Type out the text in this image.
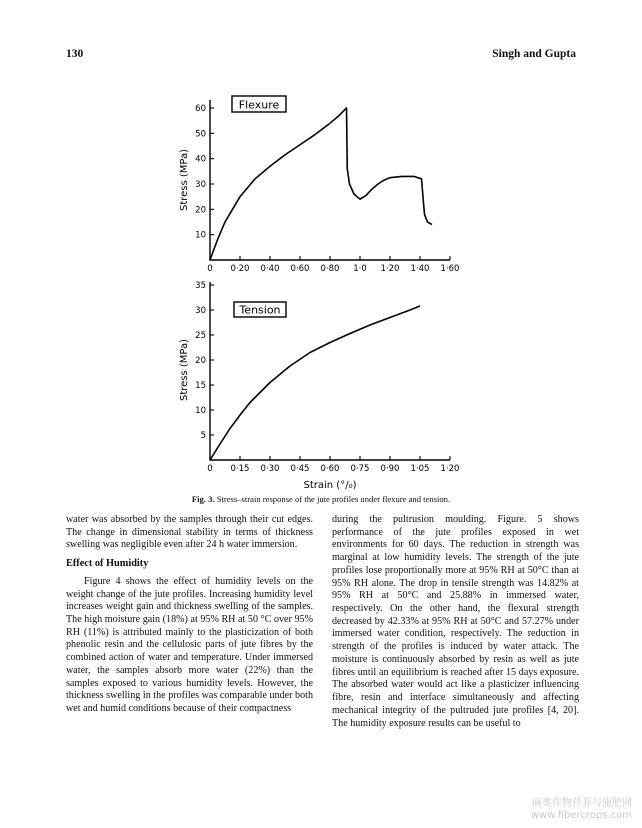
130	Singh and Gupta
Flexure
0 0·20 0·40 0·60 0·80 1·0 1·20 1·40 1·60
10
20
30
40
50
60
Stress (MPa)
Tension
0 0·15 0·30 0·45 0·60 0·75 0·90 1·05 1·20
5
10
15
20
25
30
35
Stress (MPa)
Strain (°/₀)
Fig. 3. Stress–strain response of the jute profiles under flexure and tension.

water was absorbed by the samples through their cut edges. The change in dimensional stability in terms of thickness swelling was negligible even after 24 h water immersion.

Effect of Humidity

Figure 4 shows the effect of humidity levels on the weight change of the jute profiles. Increasing humidity level increases weight gain and thickness swelling of the samples. The high moisture gain (18%) at 95% RH at 50 °C over 95% RH (11%) is attributed mainly to the plasticization of both phenolic resin and the cellulosic parts of jute fibres by the combined action of water and temperature. Under immersed water, the samples absorb more water (22%) than the samples exposed to various humidity levels. However, the thickness swelling in the profiles was comparable under both wet and humid conditions because of their compactness

during the pultrusion moulding. Figure. 5 shows performance of the jute profiles exposed in wet environments for 60 days. The reduction in strength was marginal at low humidity levels. The strength of the jute profiles lose proportionally more at 95% RH at 50°C than at 95% RH alone. The drop in tensile strength was 14.82% at 95% RH at 50°C and 25.88% in immersed water, respectively. On the other hand, the flexural strength decreased by 42.33% at 95% RH at 50°C and 57.27% under immersed water condition, respectively. The reduction in strength of the profiles is induced by water attack. The moisture is continuously absorbed by resin as well as jute fibres until an equilibrium is reached after 15 days exposure. The absorbed water would act like a plasticizer influencing fibre, resin and interface simultaneously and affecting mechanical integrity of the pultruded jute profiles [4, 20]. The humidity exposure results can be useful to

麻类作物营养与施肥网
www.fibercrops.com
